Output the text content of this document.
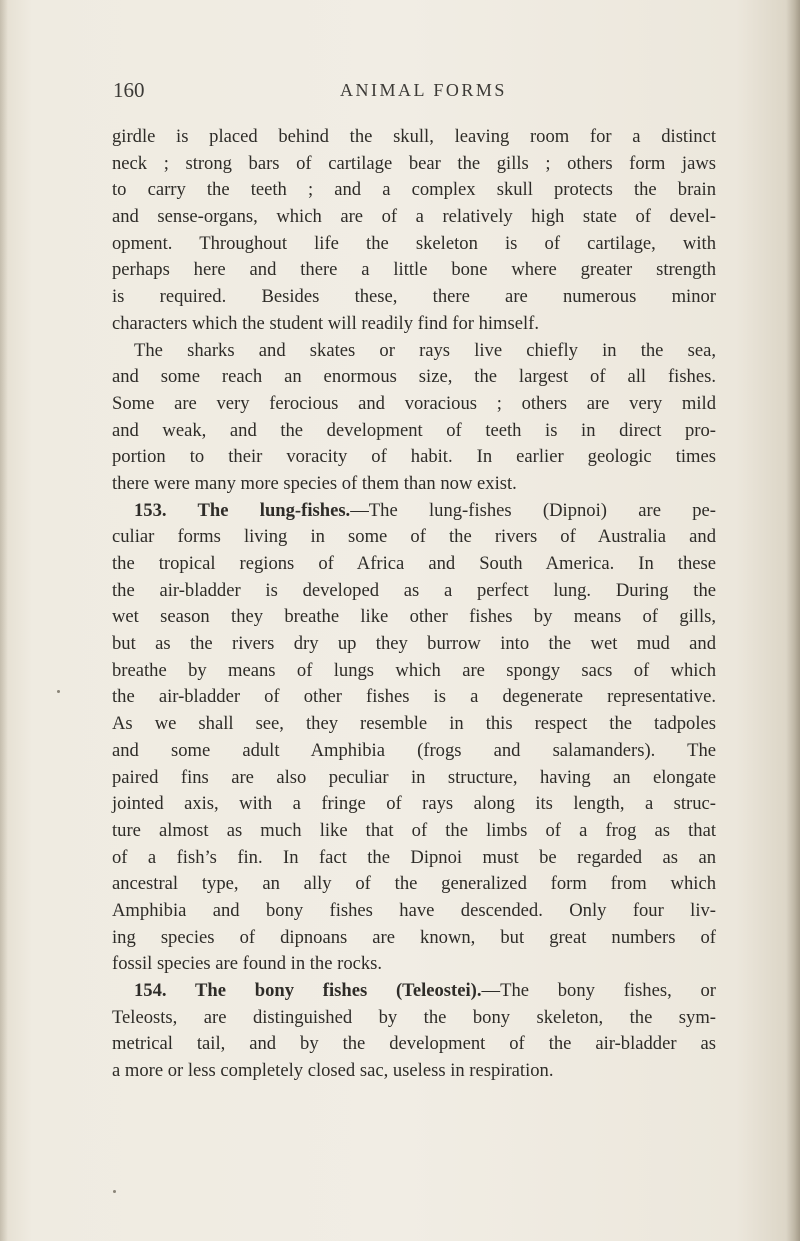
160	ANIMAL FORMS
girdle is placed behind the skull, leaving room for a distinct
neck ; strong bars of cartilage bear the gills ; others form jaws
to carry the teeth ; and a complex skull protects the brain
and sense-organs, which are of a relatively high state of devel-
opment. Throughout life the skeleton is of cartilage, with
perhaps here and there a little bone where greater strength
is required. Besides these, there are numerous minor
characters which the student will readily find for himself.
The sharks and skates or rays live chiefly in the sea,
and some reach an enormous size, the largest of all fishes.
Some are very ferocious and voracious ; others are very mild
and weak, and the development of teeth is in direct pro-
portion to their voracity of habit. In earlier geologic times
there were many more species of them than now exist.
153. The lung-fishes.—The lung-fishes (Dipnoi) are pe-
culiar forms living in some of the rivers of Australia and
the tropical regions of Africa and South America. In these
the air-bladder is developed as a perfect lung. During the
wet season they breathe like other fishes by means of gills,
but as the rivers dry up they burrow into the wet mud and
breathe by means of lungs which are spongy sacs of which
the air-bladder of other fishes is a degenerate representative.
As we shall see, they resemble in this respect the tadpoles
and some adult Amphibia (frogs and salamanders). The
paired fins are also peculiar in structure, having an elongate
jointed axis, with a fringe of rays along its length, a struc-
ture almost as much like that of the limbs of a frog as that
of a fish’s fin. In fact the Dipnoi must be regarded as an
ancestral type, an ally of the generalized form from which
Amphibia and bony fishes have descended. Only four liv-
ing species of dipnoans are known, but great numbers of
fossil species are found in the rocks.
154. The bony fishes (Teleostei).—The bony fishes, or
Teleosts, are distinguished by the bony skeleton, the sym-
metrical tail, and by the development of the air-bladder as
a more or less completely closed sac, useless in respiration.
